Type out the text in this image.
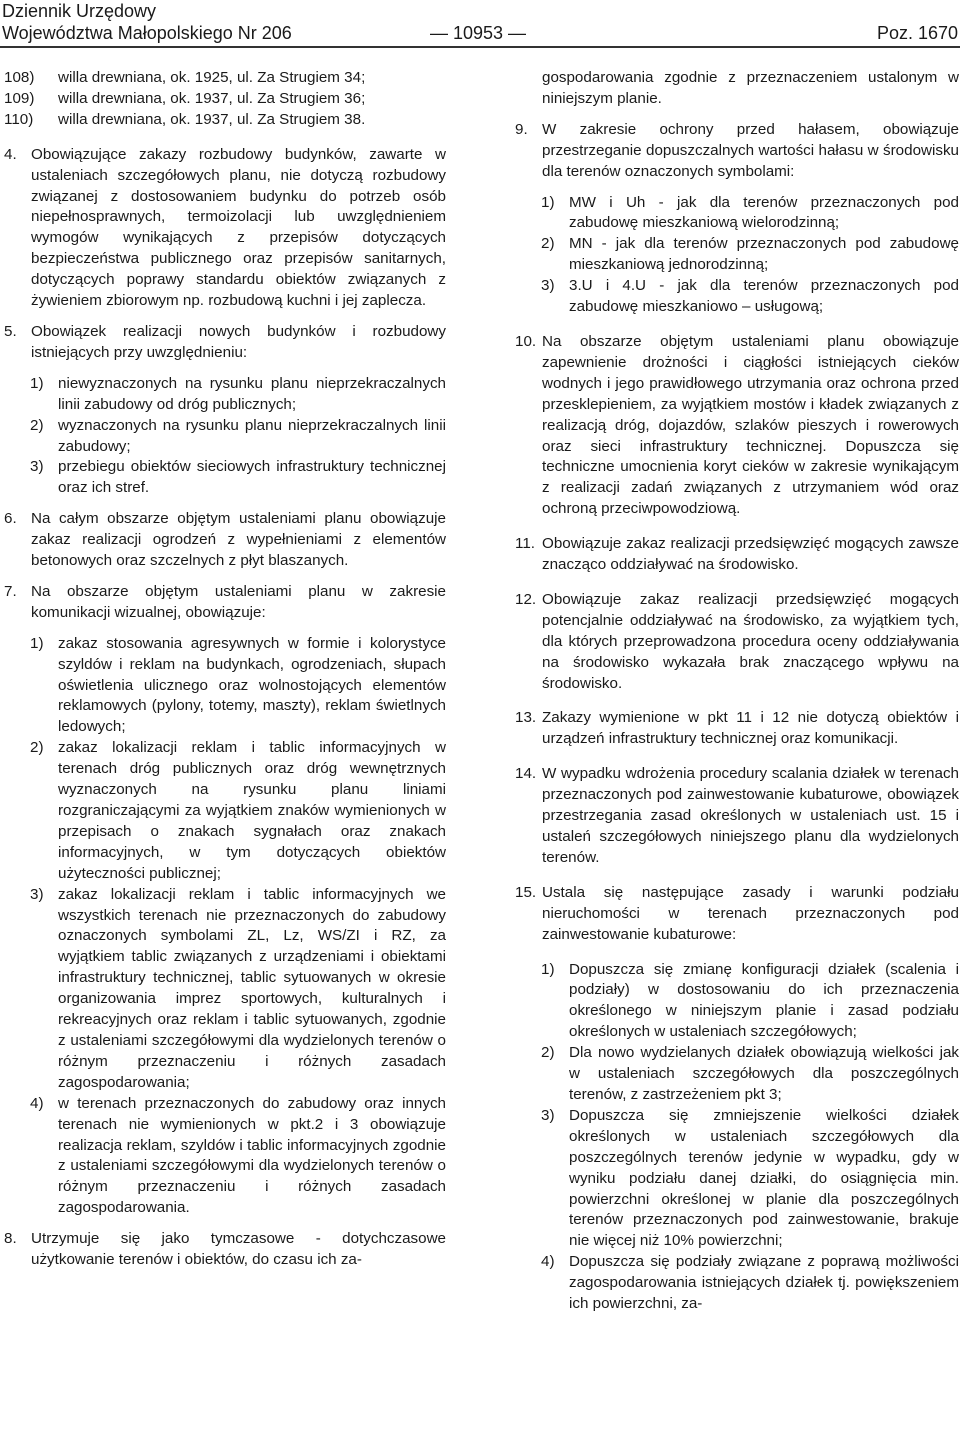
Dziennik Urzędowy
Województwa Małopolskiego Nr 206	— 10953 —	Poz. 1670
108) willa drewniana, ok. 1925, ul. Za Strugiem 34;
109) willa drewniana, ok. 1937, ul. Za Strugiem 36;
110) willa drewniana, ok. 1937, ul. Za Strugiem 38.
4. Obowiązujące zakazy rozbudowy budynków, zawarte w ustaleniach szczegółowych planu, nie dotyczą rozbudowy związanej z dostosowaniem budynku do potrzeb osób niepełnosprawnych, termoizolacji lub uwzględnieniem wymogów wynikających z przepisów dotyczących bezpieczeństwa publicznego oraz przepisów sanitarnych, dotyczących poprawy standardu obiektów związanych z żywieniem zbiorowym np. rozbudową kuchni i jej zaplecza.
5. Obowiązek realizacji nowych budynków i rozbudowy istniejących przy uwzględnieniu:
1) niewyznaczonych na rysunku planu nieprzekraczalnych linii zabudowy od dróg publicznych;
2) wyznaczonych na rysunku planu nieprzekraczalnych linii zabudowy;
3) przebiegu obiektów sieciowych infrastruktury technicznej oraz ich stref.
6. Na całym obszarze objętym ustaleniami planu obowiązuje zakaz realizacji ogrodzeń z wypełnieniami z elementów betonowych oraz szczelnych z płyt blaszanych.
7. Na obszarze objętym ustaleniami planu w zakresie komunikacji wizualnej, obowiązuje:
1) zakaz stosowania agresywnych w formie i kolorystyce szyldów i reklam na budynkach, ogrodzeniach, słupach oświetlenia ulicznego oraz wolnostojących elementów reklamowych (pylony, totemy, maszty), reklam świetlnych ledowych;
2) zakaz lokalizacji reklam i tablic informacyjnych w terenach dróg publicznych oraz dróg wewnętrznych wyznaczonych na rysunku planu liniami rozgraniczającymi za wyjątkiem znaków wymienionych w przepisach o znakach sygnałach oraz znakach informacyjnych, w tym dotyczących obiektów użyteczności publicznej;
3) zakaz lokalizacji reklam i tablic informacyjnych we wszystkich terenach nie przeznaczonych do zabudowy oznaczonych symbolami ZL, Lz, WS/ZI i RZ, za wyjątkiem tablic związanych z urządzeniami i obiektami infrastruktury technicznej, tablic sytuowanych w okresie organizowania imprez sportowych, kulturalnych i rekreacyjnych oraz reklam i tablic sytuowanych, zgodnie z ustaleniami szczegółowymi dla wydzielonych terenów o różnym przeznaczeniu i różnych zasadach zagospodarowania;
4) w terenach przeznaczonych do zabudowy oraz innych terenach nie wymienionych w pkt.2 i 3 obowiązuje realizacja reklam, szyldów i tablic informacyjnych zgodnie z ustaleniami szczegółowymi dla wydzielonych terenów o różnym przeznaczeniu i różnych zasadach zagospodarowania.
8. Utrzymuje się jako tymczasowe - dotychczasowe użytkowanie terenów i obiektów, do czasu ich za-
gospodarowania zgodnie z przeznaczeniem ustalonym w niniejszym planie.
9. W zakresie ochrony przed hałasem, obowiązuje przestrzeganie dopuszczalnych wartości hałasu w środowisku dla terenów oznaczonych symbolami:
1) MW i Uh - jak dla terenów przeznaczonych pod zabudowę mieszkaniową wielorodzinną;
2) MN - jak dla terenów przeznaczonych pod zabudowę mieszkaniową jednorodzinną;
3) 3.U i 4.U - jak dla terenów przeznaczonych pod zabudowę mieszkaniowo – usługową;
10. Na obszarze objętym ustaleniami planu obowiązuje zapewnienie drożności i ciągłości istniejących cieków wodnych i jego prawidłowego utrzymania oraz ochrona przed przesklepieniem, za wyjątkiem mostów i kładek związanych z realizacją dróg, dojazdów, szlaków pieszych i rowerowych oraz sieci infrastruktury technicznej. Dopuszcza się techniczne umocnienia koryt cieków w zakresie wynikającym z realizacji zadań związanych z utrzymaniem wód oraz ochroną przeciwpowodziową.
11. Obowiązuje zakaz realizacji przedsięwzięć mogących zawsze znacząco oddziaływać na środowisko.
12. Obowiązuje zakaz realizacji przedsięwzięć mogących potencjalnie oddziaływać na środowisko, za wyjątkiem tych, dla których przeprowadzona procedura oceny oddziaływania na środowisko wykazała brak znaczącego wpływu na środowisko.
13. Zakazy wymienione w pkt 11 i 12 nie dotyczą obiektów i urządzeń infrastruktury technicznej oraz komunikacji.
14. W wypadku wdrożenia procedury scalania działek w terenach przeznaczonych pod zainwestowanie kubaturowe, obowiązek przestrzegania zasad określonych w ustaleniach ust. 15 i ustaleń szczegółowych niniejszego planu dla wydzielonych terenów.
15. Ustala się następujące zasady i warunki podziału nieruchomości w terenach przeznaczonych pod zainwestowanie kubaturowe:
1) Dopuszcza się zmianę konfiguracji działek (scalenia i podziały) w dostosowaniu do ich przeznaczenia określonego w niniejszym planie i zasad podziału określonych w ustaleniach szczegółowych;
2) Dla nowo wydzielanych działek obowiązują wielkości jak w ustaleniach szczegółowych dla poszczególnych terenów, z zastrzeżeniem pkt 3;
3) Dopuszcza się zmniejszenie wielkości działek określonych w ustaleniach szczegółowych dla poszczególnych terenów jedynie w wypadku, gdy w wyniku podziału danej działki, do osiągnięcia min. powierzchni określonej w planie dla poszczególnych terenów przeznaczonych pod zainwestowanie, brakuje nie więcej niż 10% powierzchni;
4) Dopuszcza się podziały związane z poprawą możliwości zagospodarowania istniejących działek tj. powiększeniem ich powierzchni, za-
